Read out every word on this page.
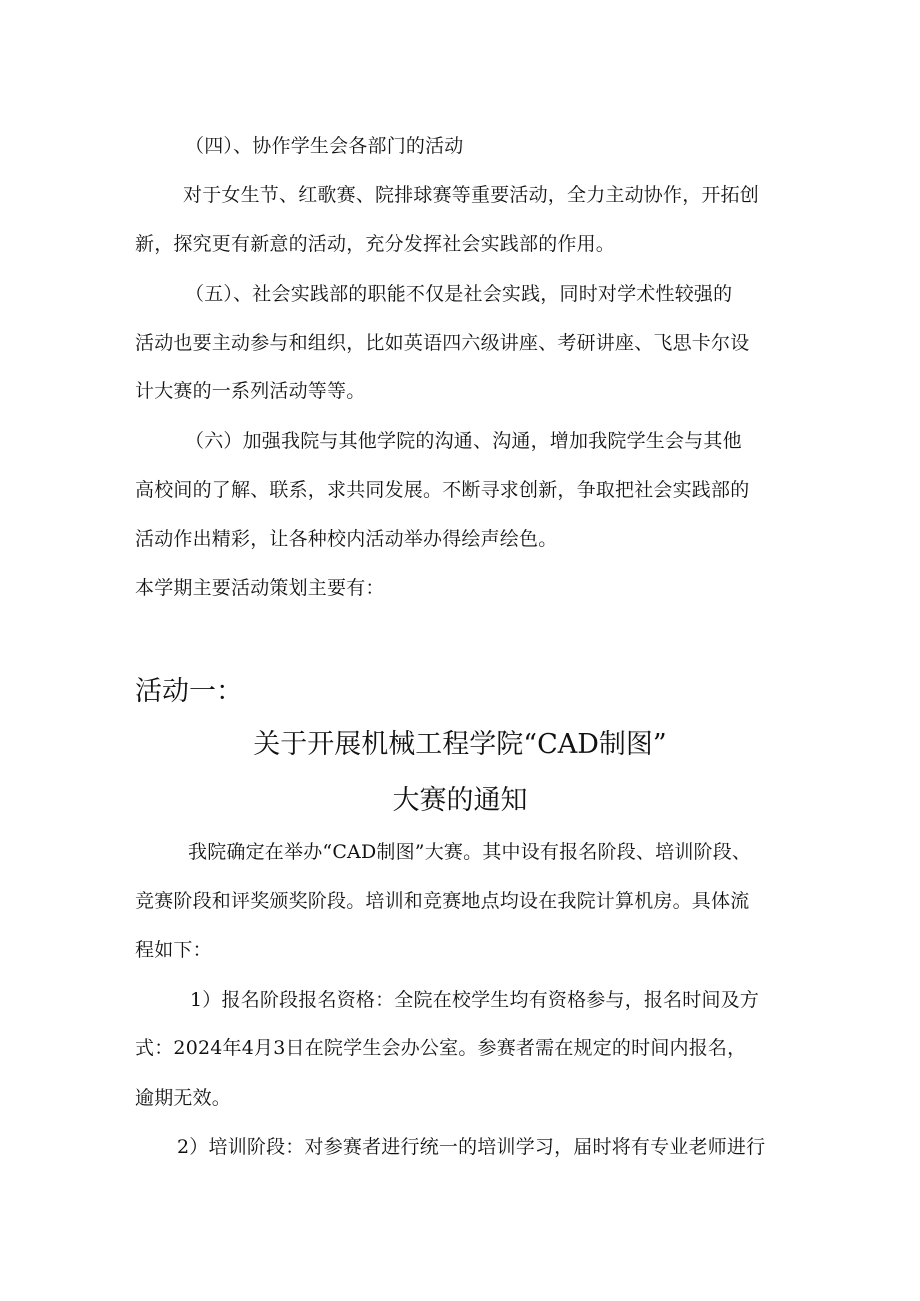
（四）、协作学生会各部门的活动
对于女生节、红歌赛、院排球赛等重要活动，全力主动协作，开拓创
新，探究更有新意的活动，充分发挥社会实践部的作用。
（五）、社会实践部的职能不仅是社会实践，同时对学术性较强的
活动也要主动参与和组织，比如英语四六级讲座、考研讲座、飞思卡尔设
计大赛的一系列活动等等。
（六）加强我院与其他学院的沟通、沟通，增加我院学生会与其他
高校间的了解、联系，求共同发展。不断寻求创新，争取把社会实践部的
活动作出精彩，让各种校内活动举办得绘声绘色。
本学期主要活动策划主要有：
活动一：
关于开展机械工程学院“CAD制图”
大赛的通知
我院确定在举办“CAD制图”大赛。其中设有报名阶段、培训阶段、
竞赛阶段和评奖颁奖阶段。培训和竞赛地点均设在我院计算机房。具体流
程如下：
1）报名阶段报名资格：全院在校学生均有资格参与，报名时间及方
式：2024年4月3日在院学生会办公室。参赛者需在规定的时间内报名，
逾期无效。
2）培训阶段：对参赛者进行统一的培训学习，届时将有专业老师进行
